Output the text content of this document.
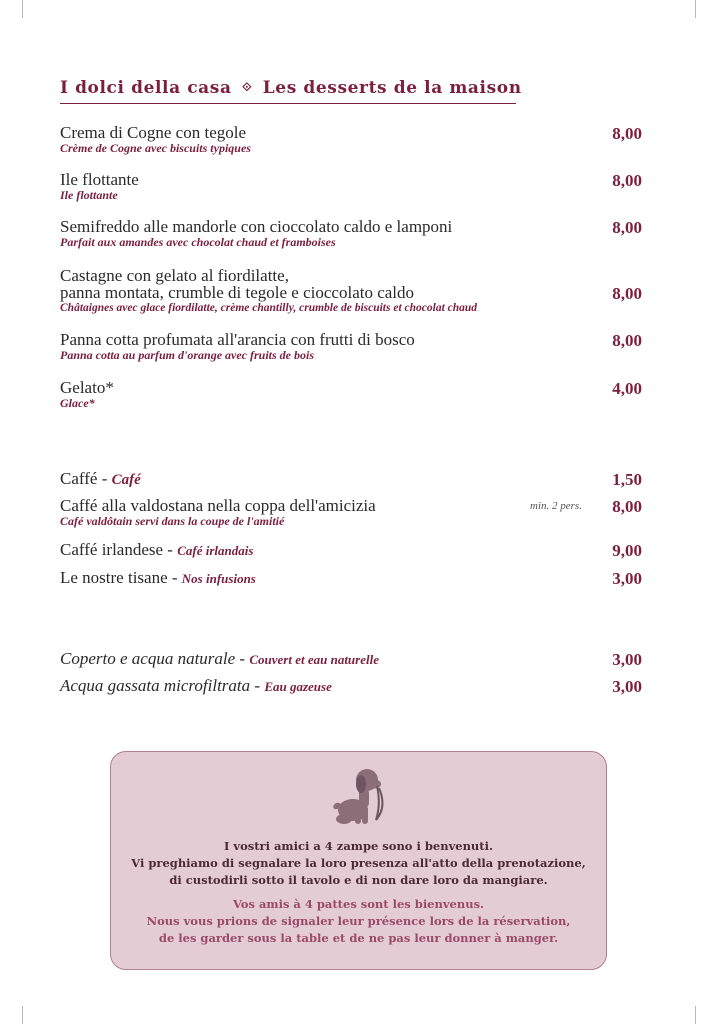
I dolci della casa ⟐ Les desserts de la maison
Crema di Cogne con tegole
Crème de Cogne avec biscuits typiques
8,00
Ile flottante
Ile flottante
8,00
Semifreddo alle mandorle con cioccolato caldo e lamponi
Parfait aux amandes avec chocolat chaud et framboises
8,00
Castagne con gelato al fiordilatte,
panna montata, crumble di tegole e cioccolato caldo
Châtaignes avec glace fiordilatte, crème chantilly, crumble de biscuits et chocolat chaud
8,00
Panna cotta profumata all'arancia con frutti di bosco
Panna cotta au parfum d'orange avec fruits de bois
8,00
Gelato*
Glace*
4,00
Caffé - Café	1,50
Caffé alla valdostana nella coppa dell'amicizia
Café valdôtain servi dans la coupe de l'amitié
min. 2 pers. 8,00
Caffé irlandese - Café irlandais	9,00
Le nostre tisane - Nos infusions	3,00
Coperto e acqua naturale - Couvert et eau naturelle	3,00
Acqua gassata microfiltrata - Eau gazeuse	3,00
I vostri amici a 4 zampe sono i benvenuti.
Vi preghiamo di segnalare la loro presenza all'atto della prenotazione,
di custodirli sotto il tavolo e di non dare loro da mangiare.
Vos amis à 4 pattes sont les bienvenus.
Nous vous prions de signaler leur présence lors de la réservation,
de les garder sous la table et de ne pas leur donner à manger.
